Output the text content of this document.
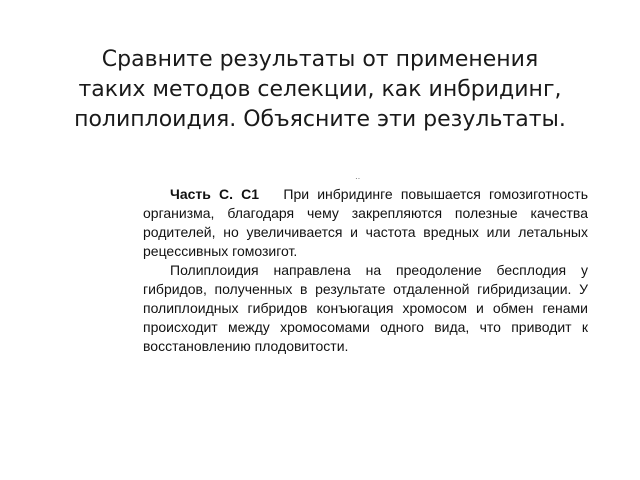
Сравните результаты от применения
таких методов селекции, как инбридинг,
полиплоидия. Объясните эти результаты.
··
Часть С. С1 При инбридинге повышается гомозиготность
организма, благодаря чему закрепляются полезные качества
родителей, но увеличивается и частота вредных или летальных
рецессивных гомозигот.
Полиплоидия направлена на преодоление бесплодия у
гибридов, полученных в результате отдаленной гибридизации. У
полиплоидных гибридов конъюгация хромосом и обмен генами
происходит между хромосомами одного вида, что приводит к
восстановлению плодовитости.
